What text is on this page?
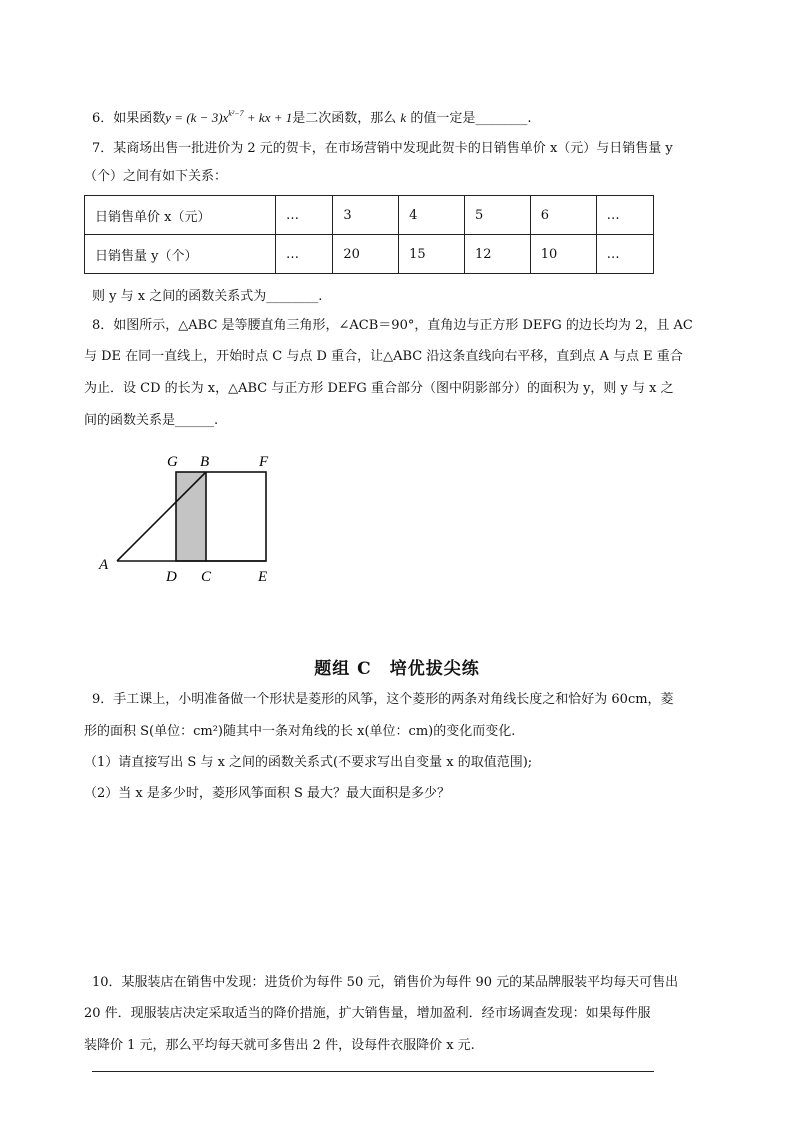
6．如果函数$y = (k - 3)x^{k^2-7}$ + kx + 1是二次函数，那么 k 的值一定是________.
7．某商场出售一批进价为 2 元的贺卡，在市场营销中发现此贺卡的日销售单价 x（元）与日销售量 y
（个）之间有如下关系：
日销售单价 x（元）	…	3	4	5	6	…
日销售量 y（个）	…	20	15	12	10	…
则 y 与 x 之间的函数关系式为________.
8．如图所示，△ABC 是等腰直角三角形，∠ACB＝90°，直角边与正方形 DEFG 的边长均为 2，且 AC
与 DE 在同一直线上，开始时点 C 与点 D 重合，让△ABC 沿这条直线向右平移，直到点 A 与点 E 重合
为止．设 CD 的长为 x，△ABC 与正方形 DEFG 重合部分（图中阴影部分）的面积为 y，则 y 与 x 之
间的函数关系是______.
G B	F
A
D C	E
题组 C　培优拔尖练
9．手工课上，小明准备做一个形状是菱形的风筝，这个菱形的两条对角线长度之和恰好为 60cm，菱
形的面积 S(单位：cm²)随其中一条对角线的长 x(单位：cm)的变化而变化.
（1）请直接写出 S 与 x 之间的函数关系式(不要求写出自变量 x 的取值范围);
（2）当 x 是多少时，菱形风筝面积 S 最大？最大面积是多少？
10．某服装店在销售中发现：进货价为每件 50 元，销售价为每件 90 元的某品牌服装平均每天可售出
20 件．现服装店决定采取适当的降价措施，扩大销售量，增加盈利．经市场调查发现：如果每件服
装降价 1 元，那么平均每天就可多售出 2 件，设每件衣服降价 x 元.
